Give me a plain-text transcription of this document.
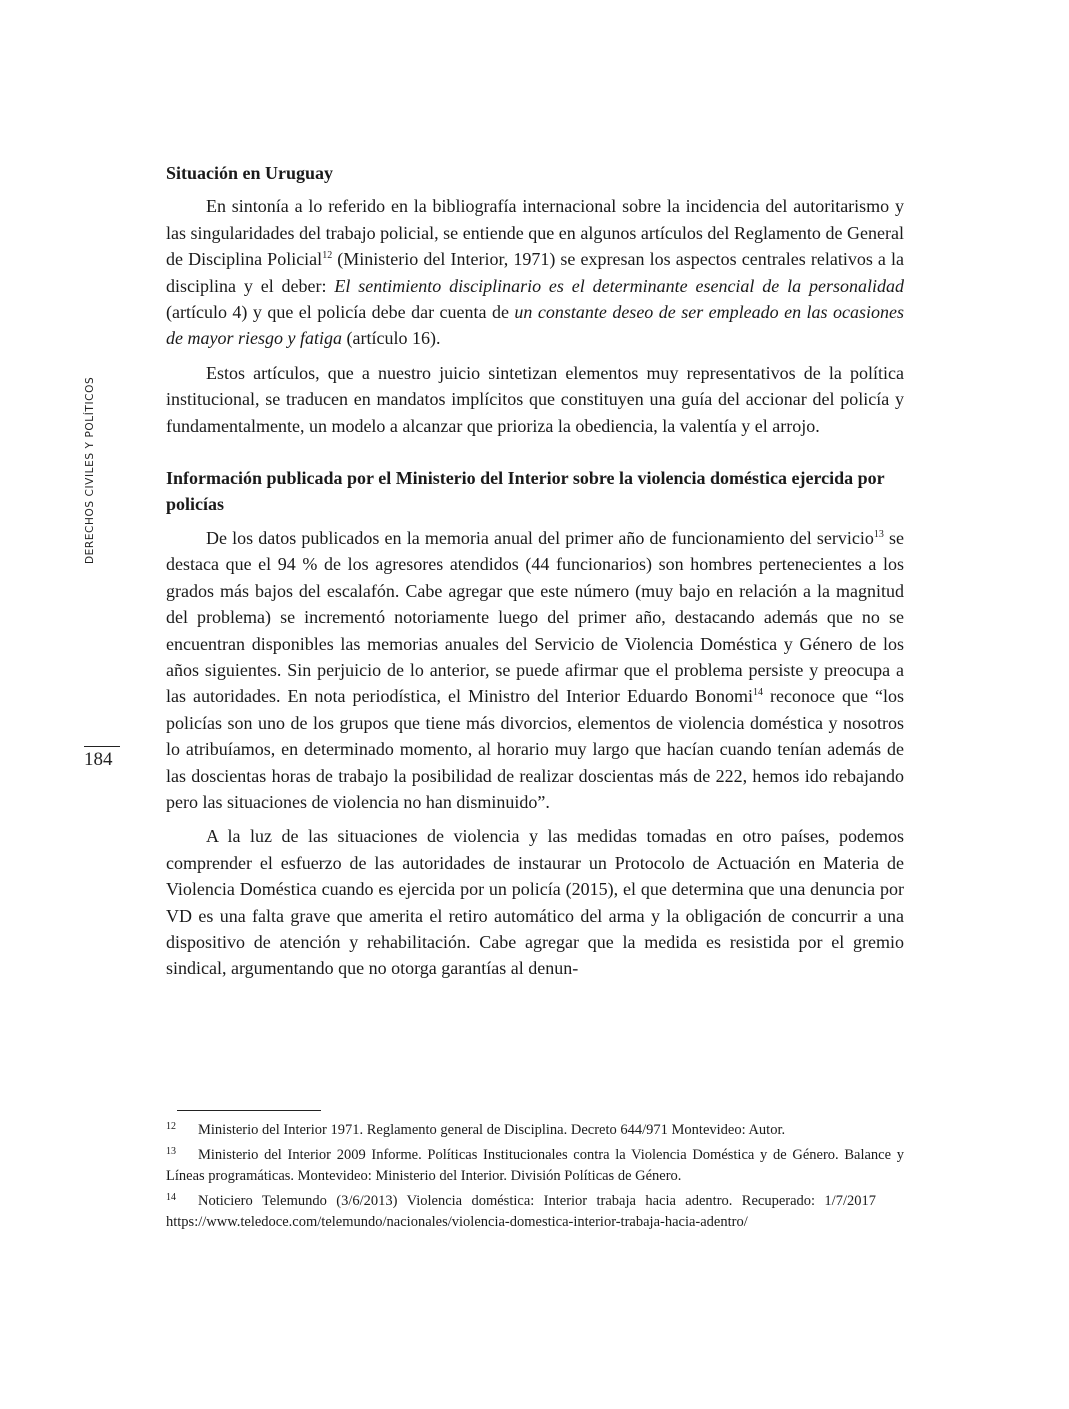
DERECHOS CIVILES Y POLÍTICOS
184

Situación en Uruguay

En sintonía a lo referido en la bibliografía internacional sobre la incidencia del autoritarismo y las singularidades del trabajo policial, se entiende que en algunos artículos del Reglamento de General de Disciplina Policial$^{12}$ (Ministerio del Interior, 1971) se expresan los aspectos centrales relativos a la disciplina y el deber: El sentimiento disciplinario es el determinante esencial de la personalidad (artículo 4) y que el policía debe dar cuenta de un constante deseo de ser empleado en las ocasiones de mayor riesgo y fatiga (artículo 16).

Estos artículos, que a nuestro juicio sintetizan elementos muy representativos de la política institucional, se traducen en mandatos implícitos que constituyen una guía del accionar del policía y fundamentalmente, un modelo a alcanzar que prioriza la obediencia, la valentía y el arrojo.

Información publicada por el Ministerio del Interior sobre la violencia doméstica ejercida por policías

De los datos publicados en la memoria anual del primer año de funcionamiento del servicio$^{13}$ se destaca que el 94 % de los agresores atendidos (44 funcionarios) son hombres pertenecientes a los grados más bajos del escalafón. Cabe agregar que este número (muy bajo en relación a la magnitud del problema) se incrementó notoriamente luego del primer año, destacando además que no se encuentran disponibles las memorias anuales del Servicio de Violencia Doméstica y Género de los años siguientes. Sin perjuicio de lo anterior, se puede afirmar que el problema persiste y preocupa a las autoridades. En nota periodística, el Ministro del Interior Eduardo Bonomi$^{14}$ reconoce que “los policías son uno de los grupos que tiene más divorcios, elementos de violencia doméstica y nosotros lo atribuíamos, en determinado momento, al horario muy largo que hacían cuando tenían además de las doscientas horas de trabajo la posibilidad de realizar doscientas más de 222, hemos ido rebajando pero las situaciones de violencia no han disminuido”.

A la luz de las situaciones de violencia y las medidas tomadas en otro países, podemos comprender el esfuerzo de las autoridades de instaurar un Protocolo de Actuación en Materia de Violencia Doméstica cuando es ejercida por un policía (2015), el que determina que una denuncia por VD es una falta grave que amerita el retiro automático del arma y la obligación de concurrir a una dispositivo de atención y rehabilitación. Cabe agregar que la medida es resistida por el gremio sindical, argumentando que no otorga garantías al denun-

$^{12}$ Ministerio del Interior 1971. Reglamento general de Disciplina. Decreto 644/971 Montevideo: Autor.

$^{13}$ Ministerio del Interior 2009 Informe. Políticas Institucionales contra la Violencia Doméstica y de Género. Balance y Líneas programáticas. Montevideo: Ministerio del Interior. División Políticas de Género.

$^{14}$ Noticiero Telemundo (3/6/2013) Violencia doméstica: Interior trabaja hacia adentro. Recuperado: 1/7/2017https://www.teledoce.com/telemundo/nacionales/violencia-domestica-interior-trabaja-hacia-adentro/
